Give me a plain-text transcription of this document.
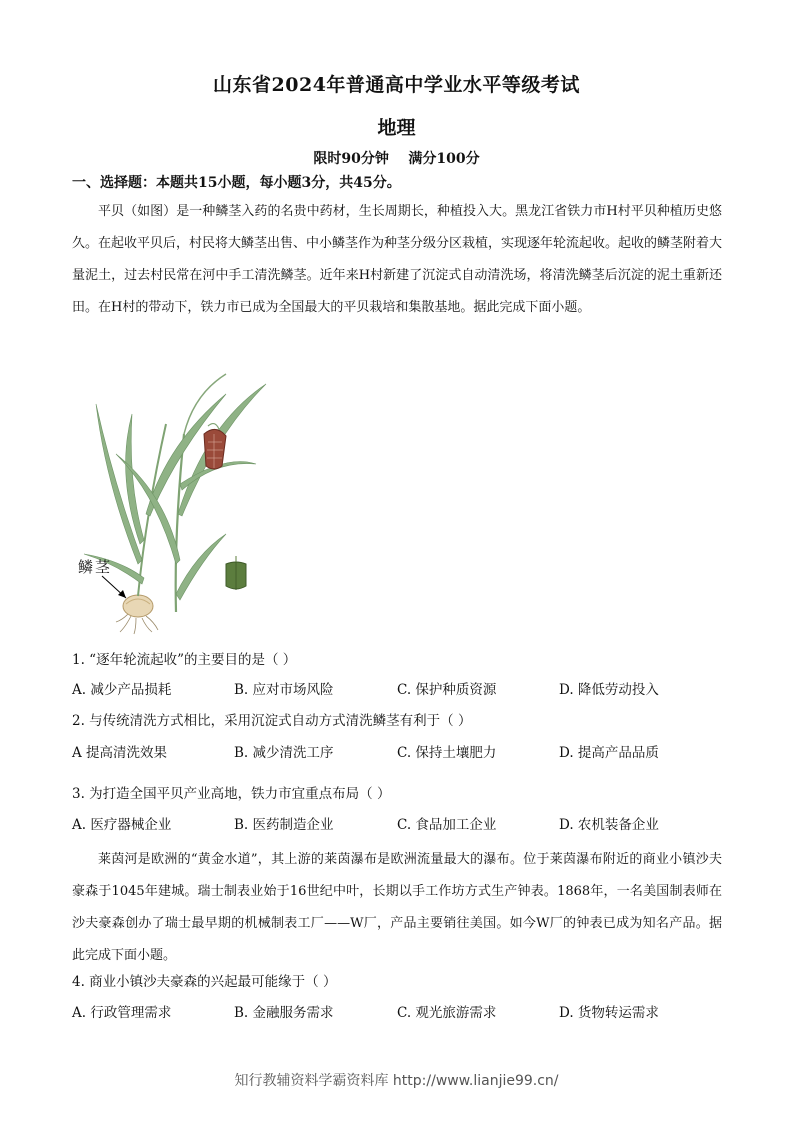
山东省2024年普通高中学业水平等级考试
地理
限时90分钟    满分100分
一、选择题：本题共15小题，每小题3分，共45分。
平贝（如图）是一种鳞茎入药的名贵中药材，生长周期长，种植投入大。黑龙江省铁力市H村平贝种植历史悠久。在起收平贝后，村民将大鳞茎出售、中小鳞茎作为种茎分级分区栽植，实现逐年轮流起收。起收的鳞茎附着大量泥土，过去村民常在河中手工清洗鳞茎。近年来H村新建了沉淀式自动清洗场，将清洗鳞茎后沉淀的泥土重新还田。在H村的带动下，铁力市已成为全国最大的平贝栽培和集散基地。据此完成下面小题。
鳞茎
1. “逐年轮流起收”的主要目的是（ ）
A. 减少产品损耗	B. 应对市场风险	C. 保护种质资源	D. 降低劳动投入
2. 与传统清洗方式相比，采用沉淀式自动方式清洗鳞茎有利于（ ）
A 提高清洗效果	B. 减少清洗工序	C. 保持土壤肥力	D. 提高产品品质
3. 为打造全国平贝产业高地，铁力市宜重点布局（ ）
A. 医疗器械企业	B. 医药制造企业	C. 食品加工企业	D. 农机装备企业
莱茵河是欧洲的“黄金水道”，其上游的莱茵瀑布是欧洲流量最大的瀑布。位于莱茵瀑布附近的商业小镇沙夫豪森于1045年建城。瑞士制表业始于16世纪中叶，长期以手工作坊方式生产钟表。1868年，一名美国制表师在沙夫豪森创办了瑞士最早期的机械制表工厂——W厂，产品主要销往美国。如今W厂的钟表已成为知名产品。据此完成下面小题。
4. 商业小镇沙夫豪森的兴起最可能缘于（ ）
A. 行政管理需求	B. 金融服务需求	C. 观光旅游需求	D. 货物转运需求
知行教辅资料学霸资料库 http://www.lianjie99.cn/
